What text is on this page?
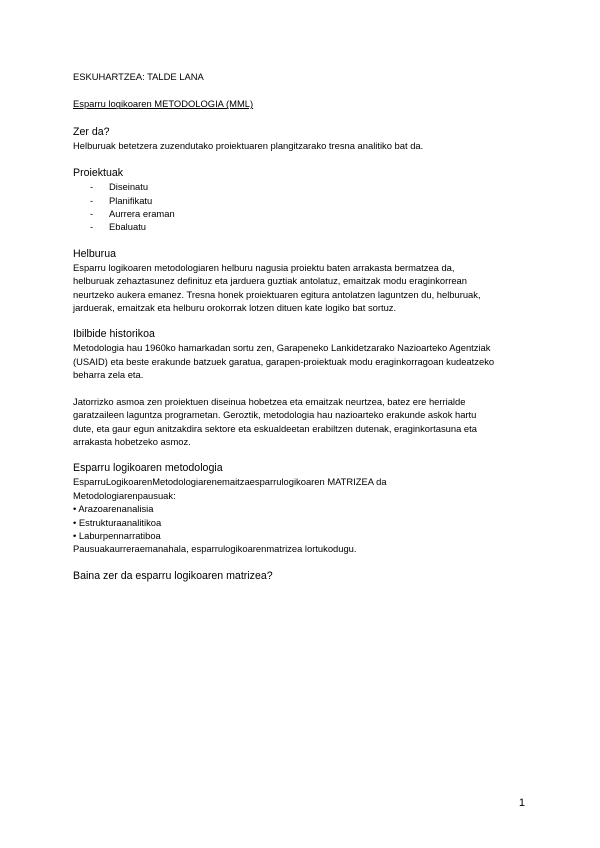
ESKUHARTZEA: TALDE LANA
Esparru logikoaren METODOLOGIA (MML)
Zer da?
Helburuak betetzera zuzendutako proiektuaren plangitzarako tresna analitiko bat da.
Proiektuak
-	Diseinatu
-	Planifikatu
-	Aurrera eraman
-	Ebaluatu
Helburua
Esparru logikoaren metodologiaren helburu nagusia proiektu baten arrakasta bermatzea da,
helburuak zehaztasunez definituz eta jarduera guztiak antolatuz, emaitzak modu eraginkorrean
neurtzeko aukera emanez. Tresna honek proiektuaren egitura antolatzen laguntzen du, helburuak,
jarduerak, emaitzak eta helburu orokorrak lotzen dituen kate logiko bat sortuz.
Ibilbide historikoa
Metodologia hau 1960ko hamarkadan sortu zen, Garapeneko Lankidetzarako Nazioarteko Agentziak
(USAID) eta beste erakunde batzuek garatua, garapen-proiektuak modu eraginkorragoan kudeatzeko
beharra zela eta.
Jatorrizko asmoa zen proiektuen diseinua hobetzea eta emaitzak neurtzea, batez ere herrialde
garatzaileen laguntza programetan. Geroztik, metodologia hau nazioarteko erakunde askok hartu
dute, eta gaur egun anitzakdira sektore eta eskualdeetan erabiltzen dutenak, eraginkortasuna eta
arrakasta hobetzeko asmoz.
Esparru logikoaren metodologia
EsparruLogikoarenMetodologiarenemaitzaesparrulogikoaren MATRIZEA da
Metodologiarenpausuak:
• Arazoarenanalisia
• Estrukturaanalitikoa
• Laburpennarratiboa
Pausuakaurreraemanahala, esparrulogikoarenmatrizea lortukodugu.
Baina zer da esparru logikoaren matrizea?
1
